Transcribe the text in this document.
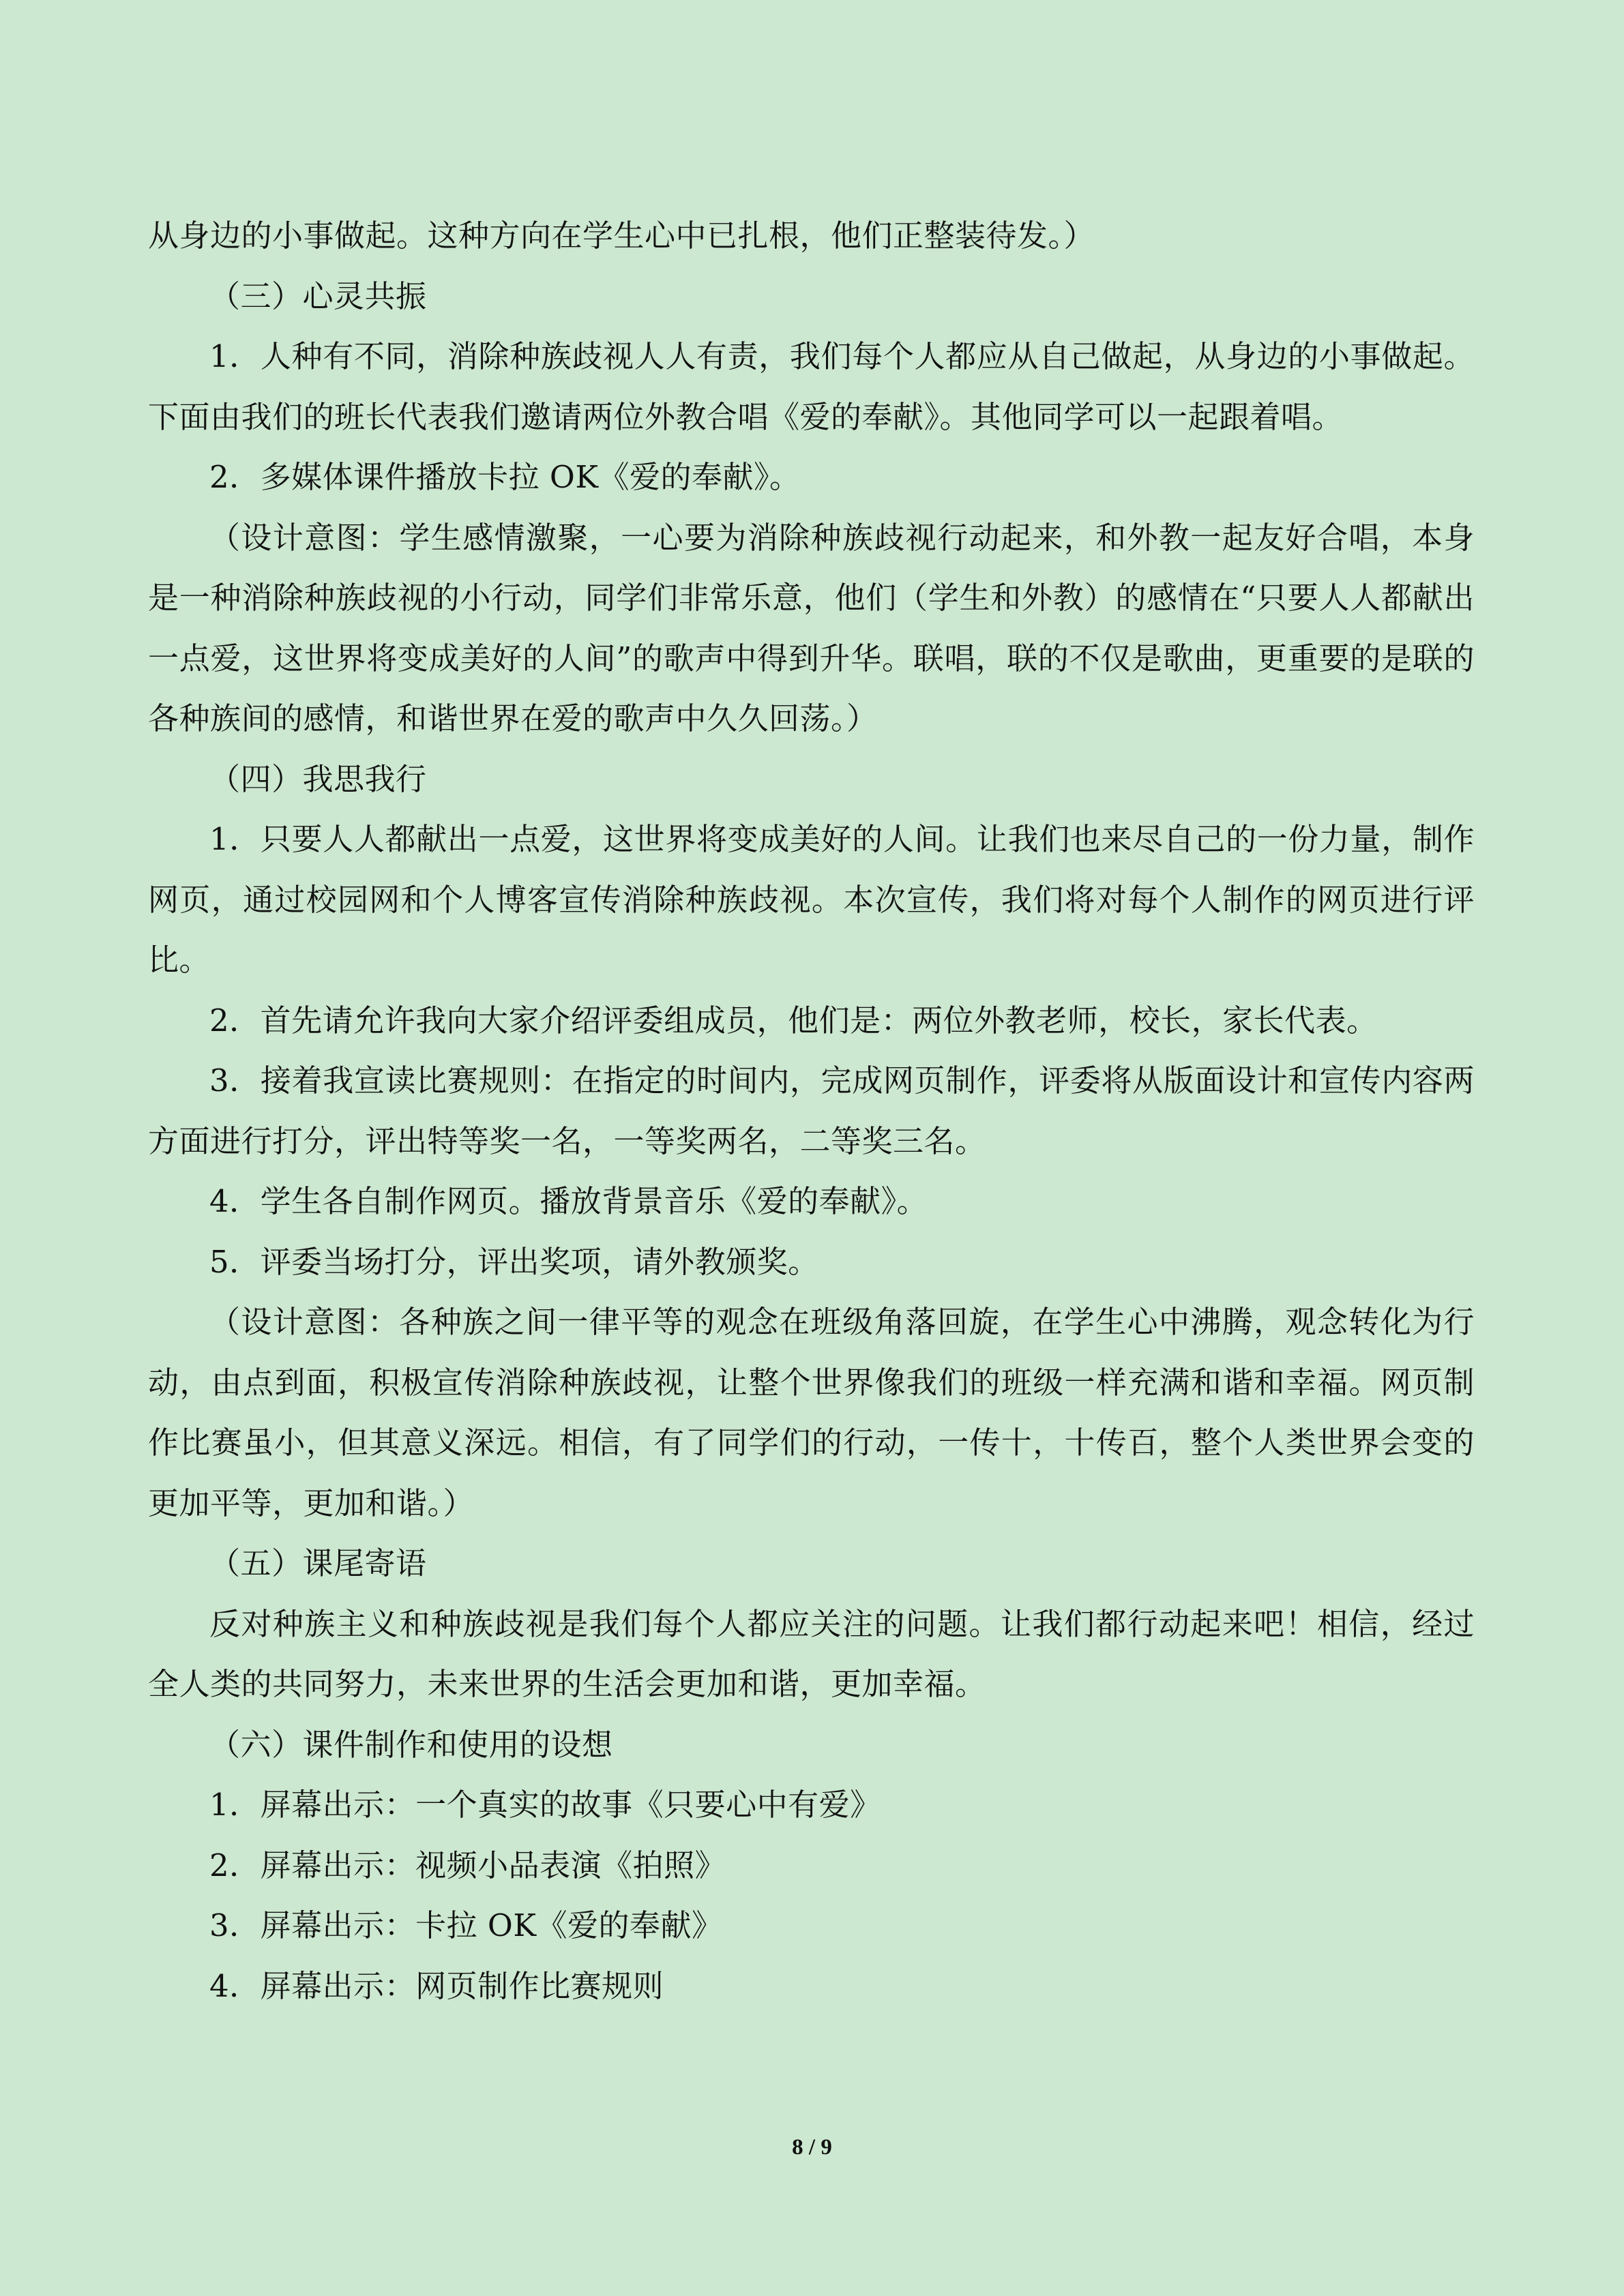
从身边的小事做起。这种方向在学生心中已扎根，他们正整装待发。）

（三）心灵共振

1．人种有不同，消除种族歧视人人有责，我们每个人都应从自己做起，从身边的小事做起。下面由我们的班长代表我们邀请两位外教合唱《爱的奉献》。其他同学可以一起跟着唱。

2．多媒体课件播放卡拉 OK《爱的奉献》。

（设计意图：学生感情激聚，一心要为消除种族歧视行动起来，和外教一起友好合唱，本身是一种消除种族歧视的小行动，同学们非常乐意，他们（学生和外教）的感情在“只要人人都献出一点爱，这世界将变成美好的人间”的歌声中得到升华。联唱，联的不仅是歌曲，更重要的是联的各种族间的感情，和谐世界在爱的歌声中久久回荡。）

（四）我思我行

1．只要人人都献出一点爱，这世界将变成美好的人间。让我们也来尽自己的一份力量，制作网页，通过校园网和个人博客宣传消除种族歧视。本次宣传，我们将对每个人制作的网页进行评比。

2．首先请允许我向大家介绍评委组成员，他们是：两位外教老师，校长，家长代表。

3．接着我宣读比赛规则：在指定的时间内，完成网页制作，评委将从版面设计和宣传内容两方面进行打分，评出特等奖一名，一等奖两名，二等奖三名。

4．学生各自制作网页。播放背景音乐《爱的奉献》。

5．评委当场打分，评出奖项，请外教颁奖。

（设计意图：各种族之间一律平等的观念在班级角落回旋，在学生心中沸腾，观念转化为行动，由点到面，积极宣传消除种族歧视，让整个世界像我们的班级一样充满和谐和幸福。网页制作比赛虽小，但其意义深远。相信，有了同学们的行动，一传十，十传百，整个人类世界会变的更加平等，更加和谐。）

（五）课尾寄语

反对种族主义和种族歧视是我们每个人都应关注的问题。让我们都行动起来吧！相信，经过全人类的共同努力，未来世界的生活会更加和谐，更加幸福。

（六）课件制作和使用的设想

1．屏幕出示：一个真实的故事《只要心中有爱》

2．屏幕出示：视频小品表演《拍照》

3．屏幕出示：卡拉 OK《爱的奉献》

4．屏幕出示：网页制作比赛规则

8 / 9
